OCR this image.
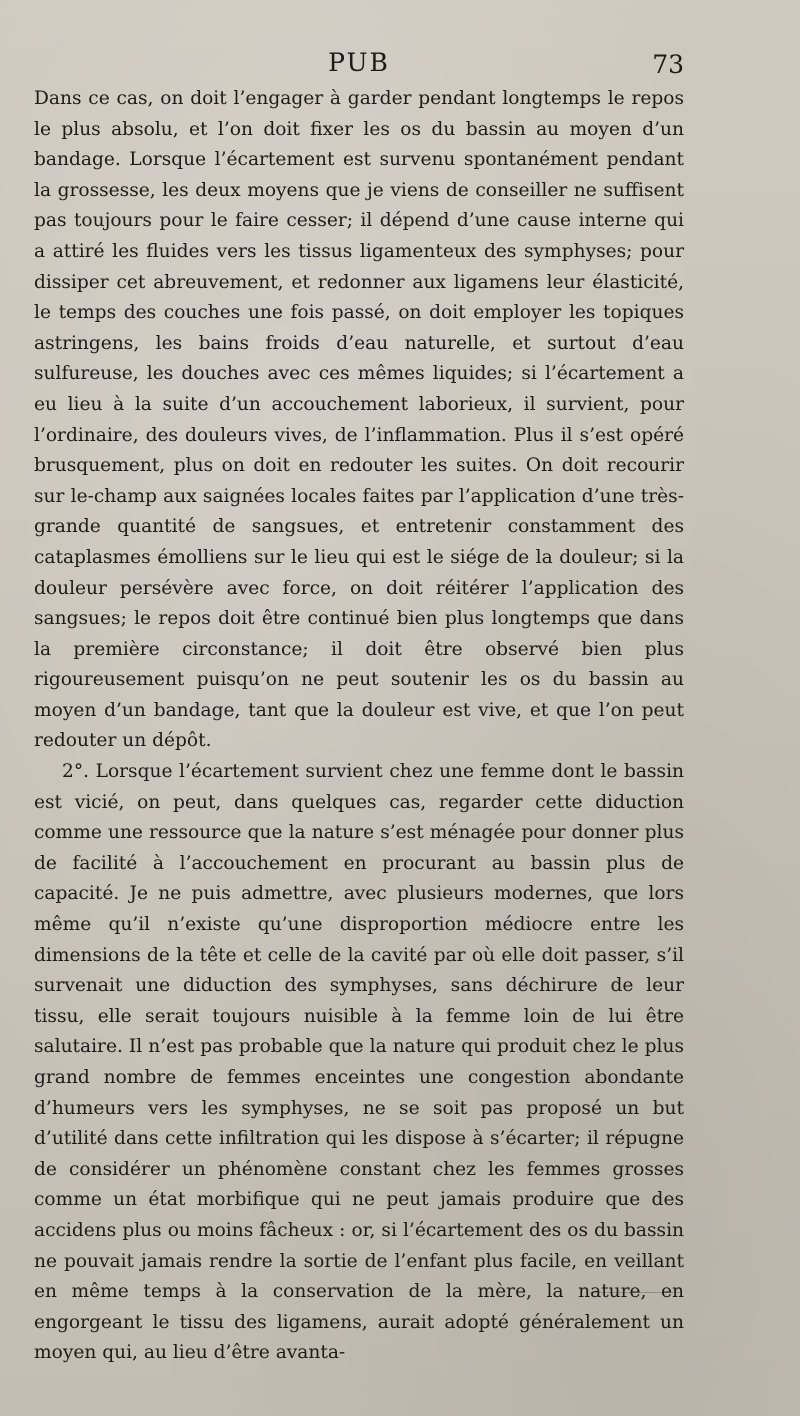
PUB	73

Dans ce cas, on doit l’engager à garder pendant longtemps le repos le plus absolu, et l’on doit fixer les os du bassin au moyen d’un bandage. Lorsque l’écartement est survenu spontanément pendant la grossesse, les deux moyens que je viens de conseiller ne suffisent pas toujours pour le faire cesser; il dépend d’une cause interne qui a attiré les fluides vers les tissus ligamenteux des symphyses; pour dissiper cet abreuvement, et redonner aux ligamens leur élasticité, le temps des couches une fois passé, on doit employer les topiques astringens, les bains froids d’eau naturelle, et surtout d’eau sulfureuse, les douches avec ces mêmes liquides; si l’écartement a eu lieu à la suite d’un accouchement laborieux, il survient, pour l’ordinaire, des douleurs vives, de l’inflammation. Plus il s’est opéré brusquement, plus on doit en redouter les suites. On doit recourir sur le-champ aux saignées locales faites par l’application d’une très-grande quantité de sangsues, et entretenir constamment des cataplasmes émolliens sur le lieu qui est le siége de la douleur; si la douleur persévère avec force, on doit réitérer l’application des sangsues; le repos doit être continué bien plus longtemps que dans la première circonstance; il doit être observé bien plus rigoureusement puisqu’on ne peut soutenir les os du bassin au moyen d’un bandage, tant que la douleur est vive, et que l’on peut redouter un dépôt.

2°. Lorsque l’écartement survient chez une femme dont le bassin est vicié, on peut, dans quelques cas, regarder cette diduction comme une ressource que la nature s’est ménagée pour donner plus de facilité à l’accouchement en procurant au bassin plus de capacité. Je ne puis admettre, avec plusieurs modernes, que lors même qu’il n’existe qu’une disproportion médiocre entre les dimensions de la tête et celle de la cavité par où elle doit passer, s’il survenait une diduction des symphyses, sans déchirure de leur tissu, elle serait toujours nuisible à la femme loin de lui être salutaire. Il n’est pas probable que la nature qui produit chez le plus grand nombre de femmes enceintes une congestion abondante d’humeurs vers les symphyses, ne se soit pas proposé un but d’utilité dans cette infiltration qui les dispose à s’écarter; il répugne de considérer un phénomène constant chez les femmes grosses comme un état morbifique qui ne peut jamais produire que des accidens plus ou moins fâcheux : or, si l’écartement des os du bassin ne pouvait jamais rendre la sortie de l’enfant plus facile, en veillant en même temps à la conservation de la mère, la nature, en engorgeant le tissu des ligamens, aurait adopté généralement un moyen qui, au lieu d’être avanta-
